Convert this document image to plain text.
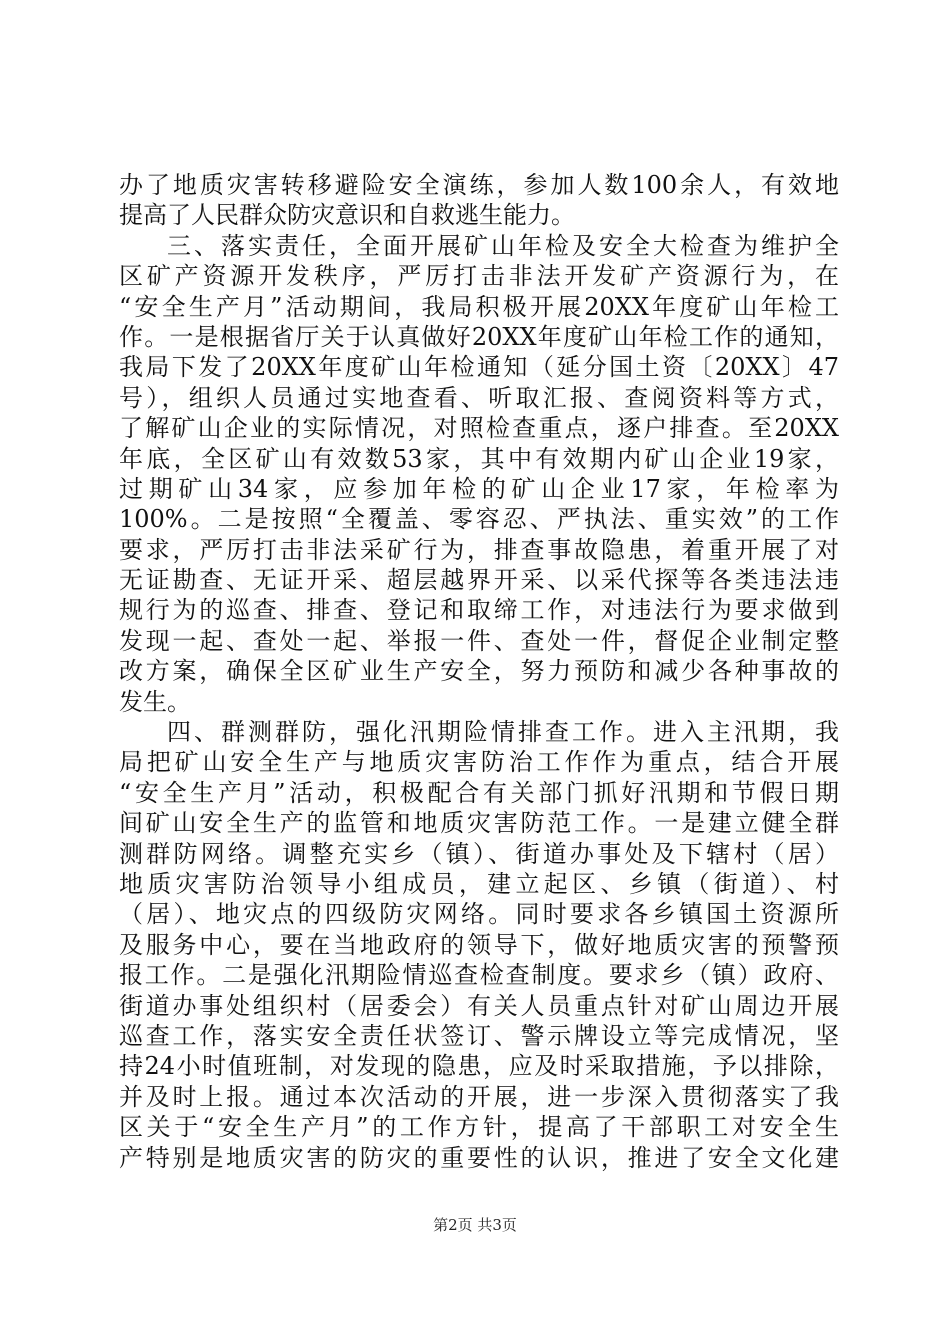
办了地质灾害转移避险安全演练，参加人数100余人，有效地
提高了人民群众防灾意识和自救逃生能力。
三、落实责任，全面开展矿山年检及安全大检查为维护全
区矿产资源开发秩序，严厉打击非法开发矿产资源行为，在
“安全生产月”活动期间，我局积极开展20XX年度矿山年检工
作。一是根据省厅关于认真做好20XX年度矿山年检工作的通知，
我局下发了20XX年度矿山年检通知（延分国土资〔20XX〕47
号），组织人员通过实地查看、听取汇报、查阅资料等方式，
了解矿山企业的实际情况，对照检查重点，逐户排查。至20XX
年底，全区矿山有效数53家，其中有效期内矿山企业19家，
过期矿山34家，应参加年检的矿山企业17家，年检率为
100%。二是按照“全覆盖、零容忍、严执法、重实效”的工作
要求，严厉打击非法采矿行为，排查事故隐患，着重开展了对
无证勘查、无证开采、超层越界开采、以采代探等各类违法违
规行为的巡查、排查、登记和取缔工作，对违法行为要求做到
发现一起、查处一起、举报一件、查处一件，督促企业制定整
改方案，确保全区矿业生产安全，努力预防和减少各种事故的
发生。
四、群测群防，强化汛期险情排查工作。进入主汛期，我
局把矿山安全生产与地质灾害防治工作作为重点，结合开展
“安全生产月”活动，积极配合有关部门抓好汛期和节假日期
间矿山安全生产的监管和地质灾害防范工作。一是建立健全群
测群防网络。调整充实乡（镇）、街道办事处及下辖村（居）
地质灾害防治领导小组成员，建立起区、乡镇（街道）、村
（居）、地灾点的四级防灾网络。同时要求各乡镇国土资源所
及服务中心，要在当地政府的领导下，做好地质灾害的预警预
报工作。二是强化汛期险情巡查检查制度。要求乡（镇）政府、
街道办事处组织村（居委会）有关人员重点针对矿山周边开展
巡查工作，落实安全责任状签订、警示牌设立等完成情况，坚
持24小时值班制，对发现的隐患，应及时采取措施，予以排除，
并及时上报。通过本次活动的开展，进一步深入贯彻落实了我
区关于“安全生产月”的工作方针，提高了干部职工对安全生
产特别是地质灾害的防灾的重要性的认识，推进了安全文化建
第2页 共3页
